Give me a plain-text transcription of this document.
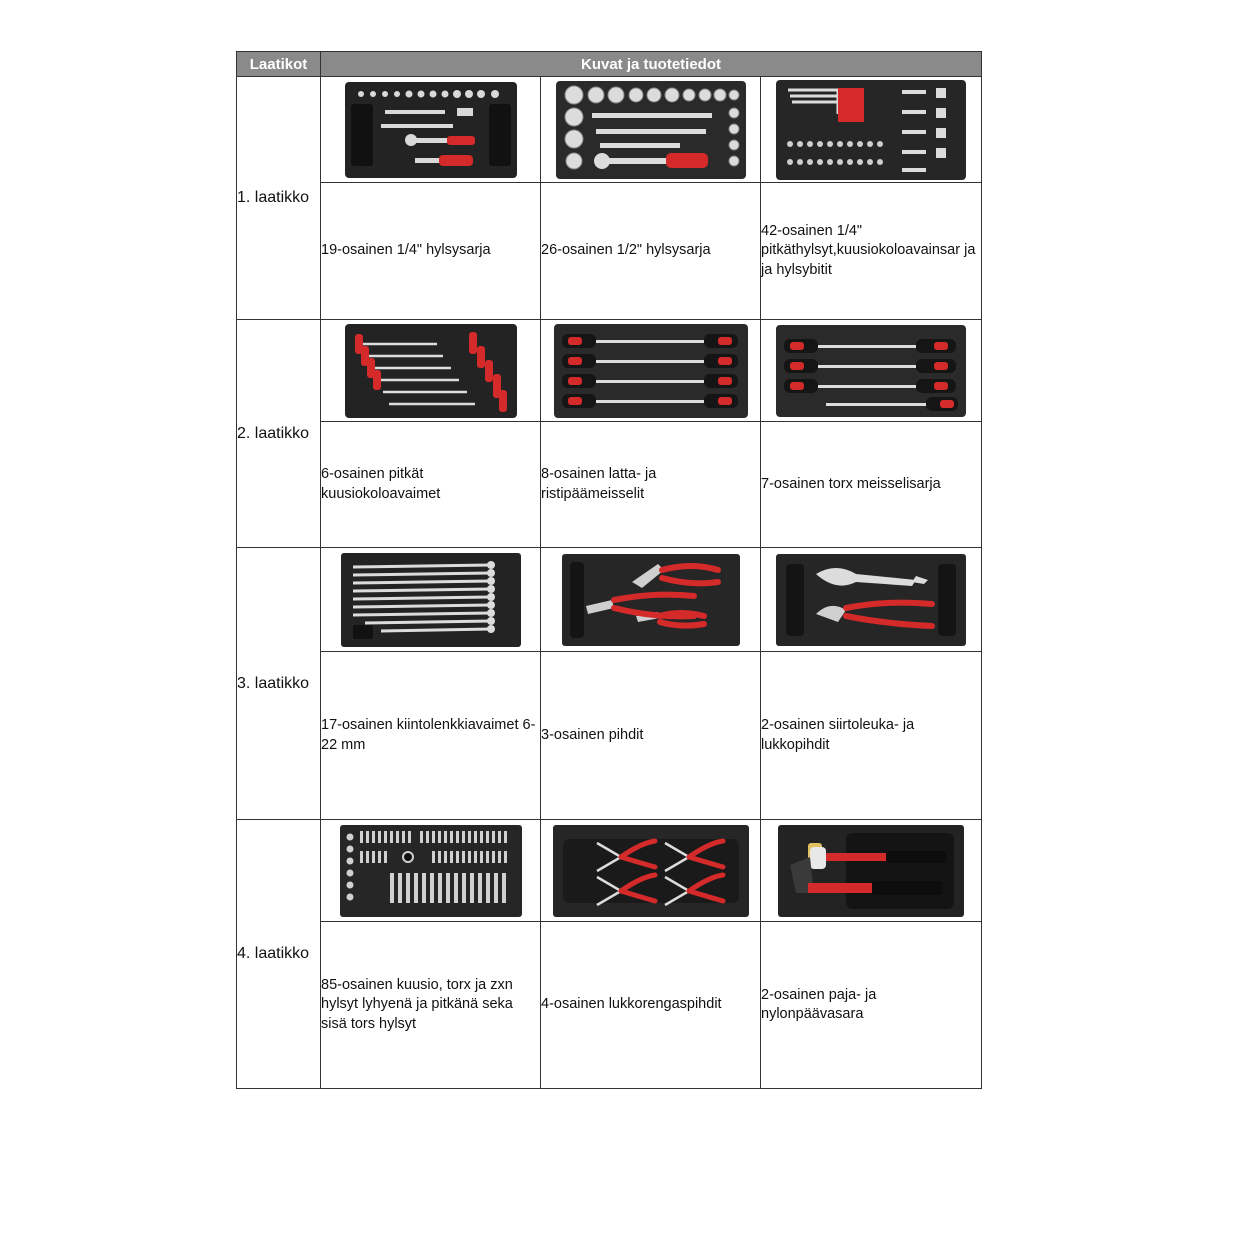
Laatikot	Kuvat ja tuotetiedot		
1. laatikko	

	19-osainen 1/4" hylsysarja	26-osainen 1/2" hylsysarja	42-osainen 1/4" pitkäthylsyt,kuusiokoloavainsar ja ja hylsybitit
2. laatikko	

	6-osainen pitkät kuusiokoloavaimet	8-osainen latta- ja ristipäämeisselit	7-osainen torx meisselisarja
3. laatikko	

	17-osainen kiintolenkkiavaimet 6-22 mm	3-osainen pihdit	2-osainen siirtoleuka- ja lukkopihdit
4. laatikko	

	85-osainen kuusio, torx ja zxn hylsyt lyhyenä ja pitkänä seka sisä tors hylsyt	4-osainen lukkorengaspihdit	2-osainen paja- ja nylonpäävasara
